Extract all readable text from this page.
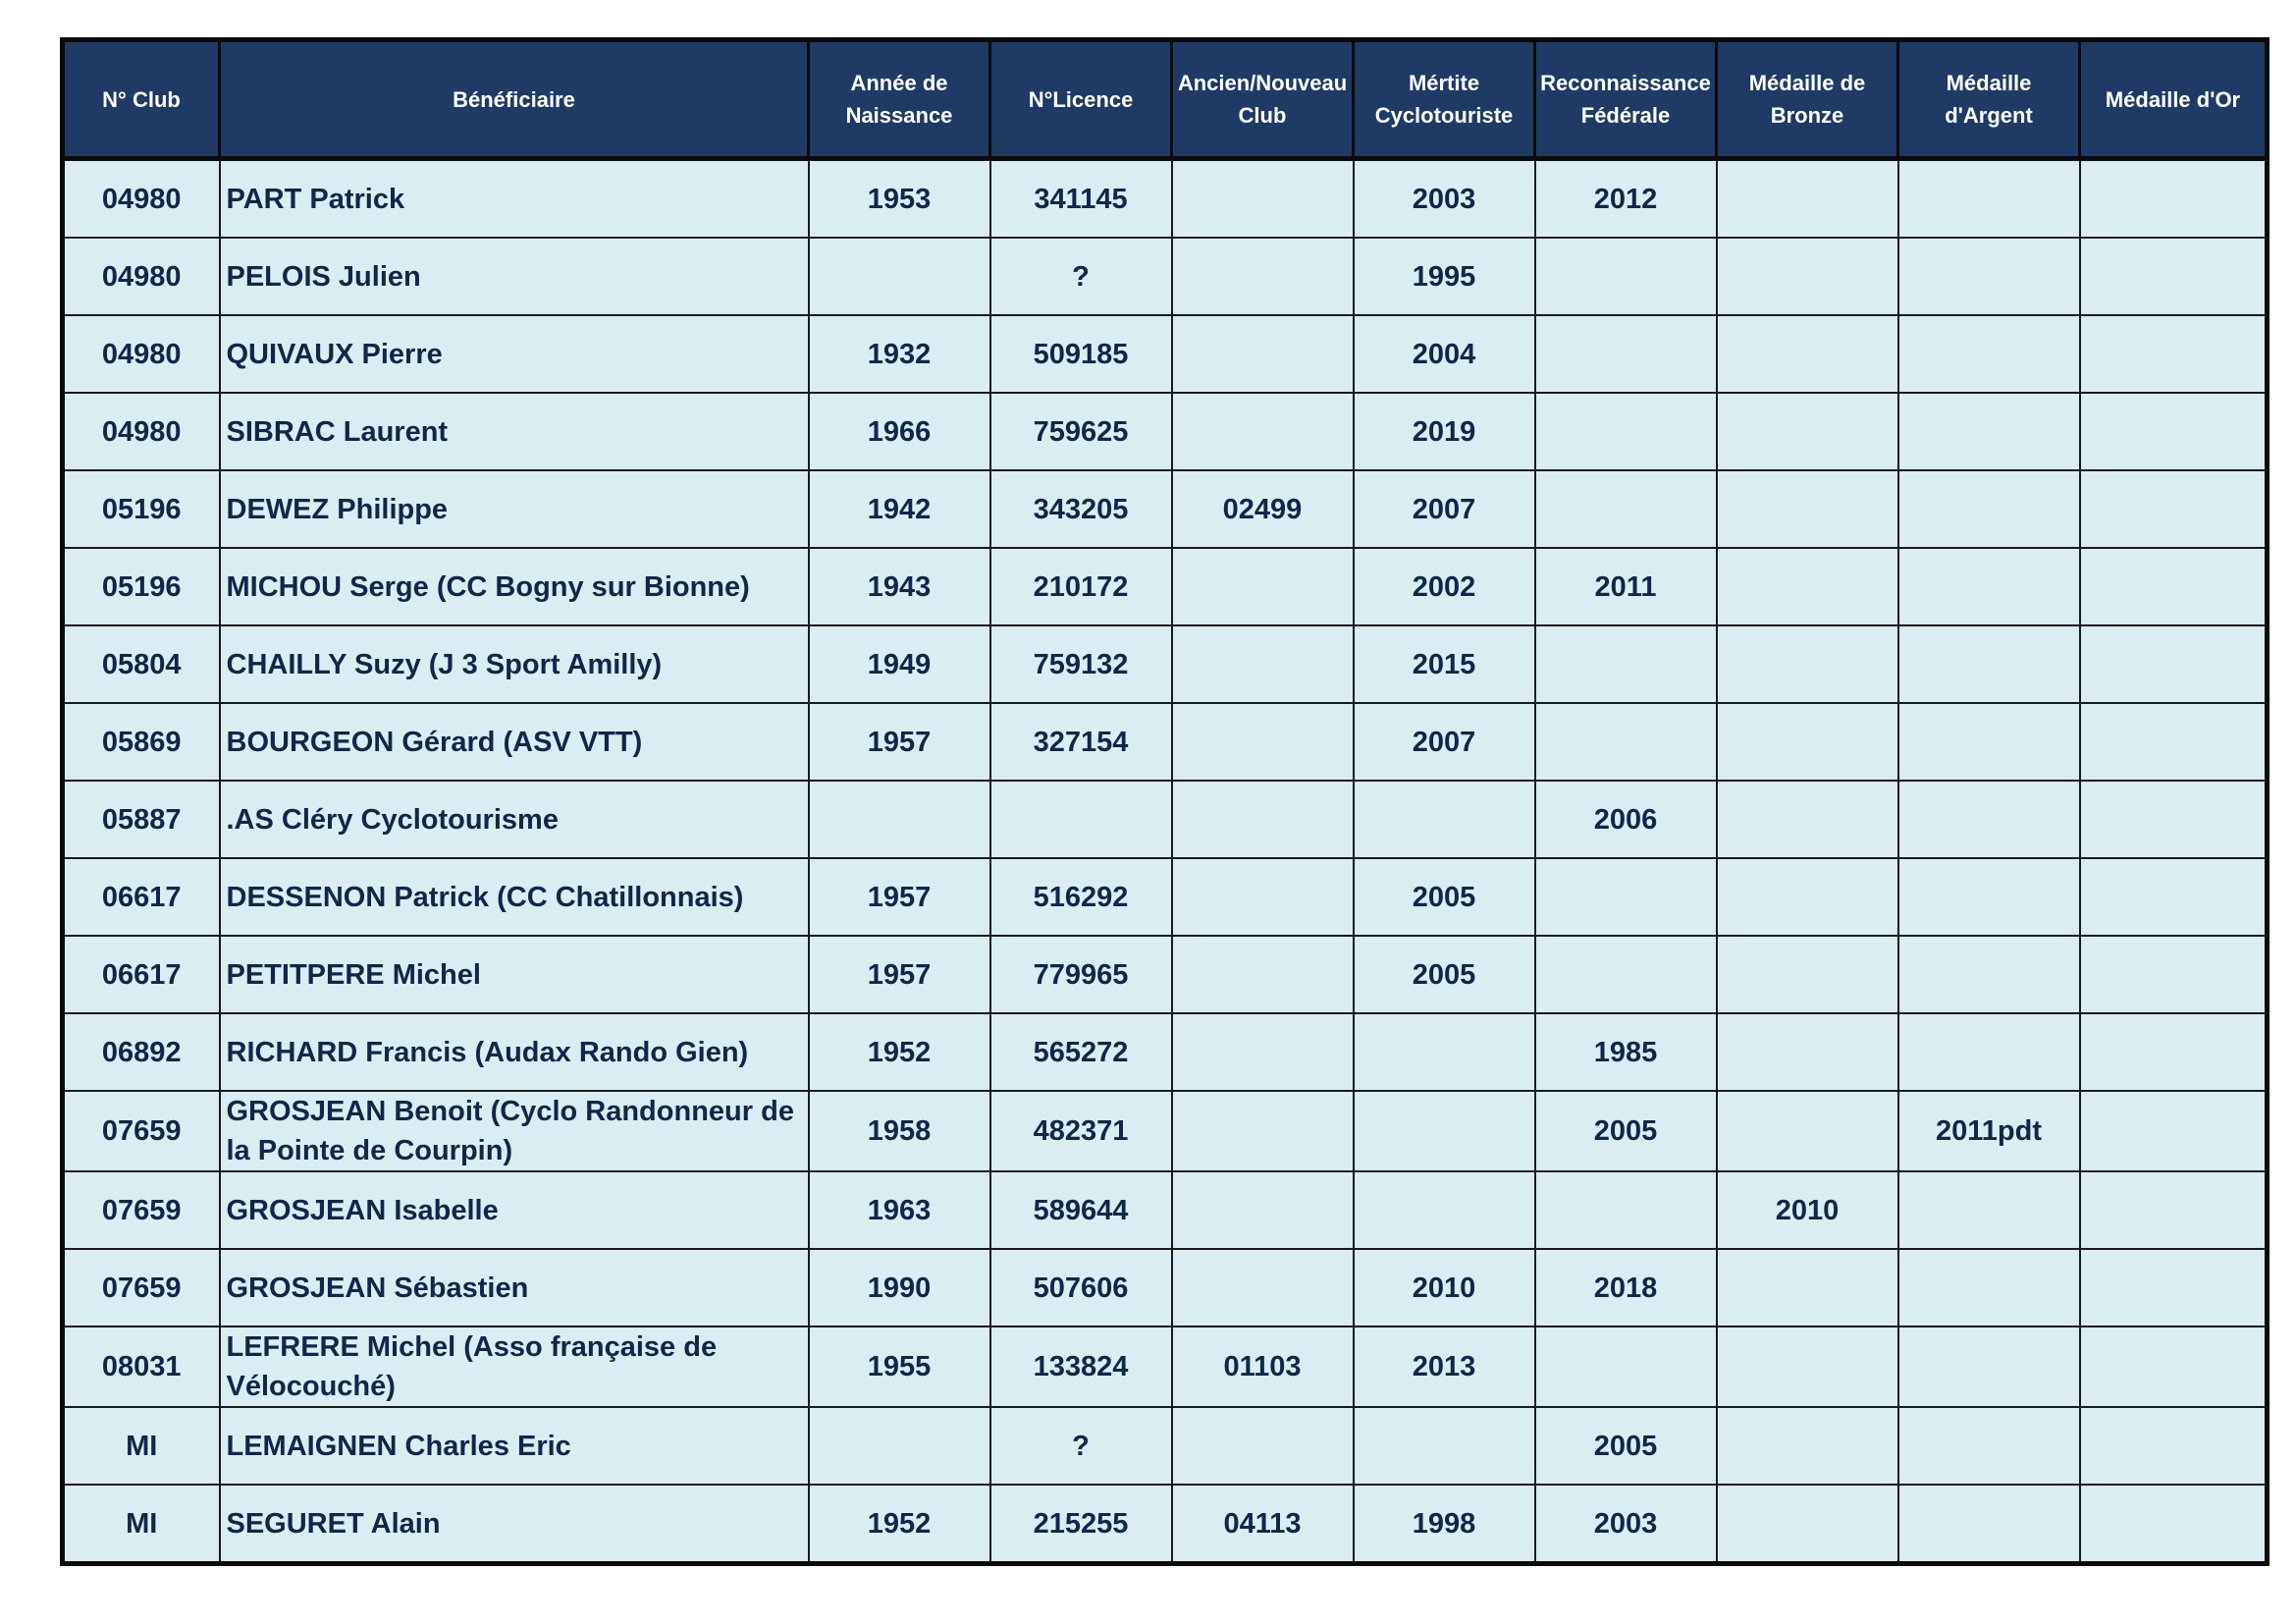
N° Club	Bénéficiaire	Année de Naissance	N°Licence	Ancien/Nouveau Club	Mértite Cyclotouriste	Reconnaissance Fédérale	Médaille de Bronze	Médaille d'Argent	Médaille d'Or
04980	PART Patrick	1953	341145		2003	2012			
04980	PELOIS Julien		?		1995				
04980	QUIVAUX Pierre	1932	509185		2004				
04980	SIBRAC Laurent	1966	759625		2019				
05196	DEWEZ Philippe	1942	343205	02499	2007				
05196	MICHOU Serge (CC Bogny sur Bionne)	1943	210172		2002	2011			
05804	CHAILLY Suzy (J 3 Sport Amilly)	1949	759132		2015				
05869	BOURGEON Gérard (ASV VTT)	1957	327154		2007				
05887	.AS Cléry Cyclotourisme					2006			
06617	DESSENON Patrick (CC Chatillonnais)	1957	516292		2005				
06617	PETITPERE Michel	1957	779965		2005				
06892	RICHARD Francis (Audax Rando Gien)	1952	565272			1985			
07659	GROSJEAN Benoit (Cyclo Randonneur de la Pointe de Courpin)	1958	482371			2005		2011pdt	
07659	GROSJEAN Isabelle	1963	589644				2010		
07659	GROSJEAN Sébastien	1990	507606		2010	2018			
08031	LEFRERE Michel (Asso française de Vélocouché)	1955	133824	01103	2013				
MI	LEMAIGNEN Charles Eric		?			2005			
MI	SEGURET Alain	1952	215255	04113	1998	2003			
